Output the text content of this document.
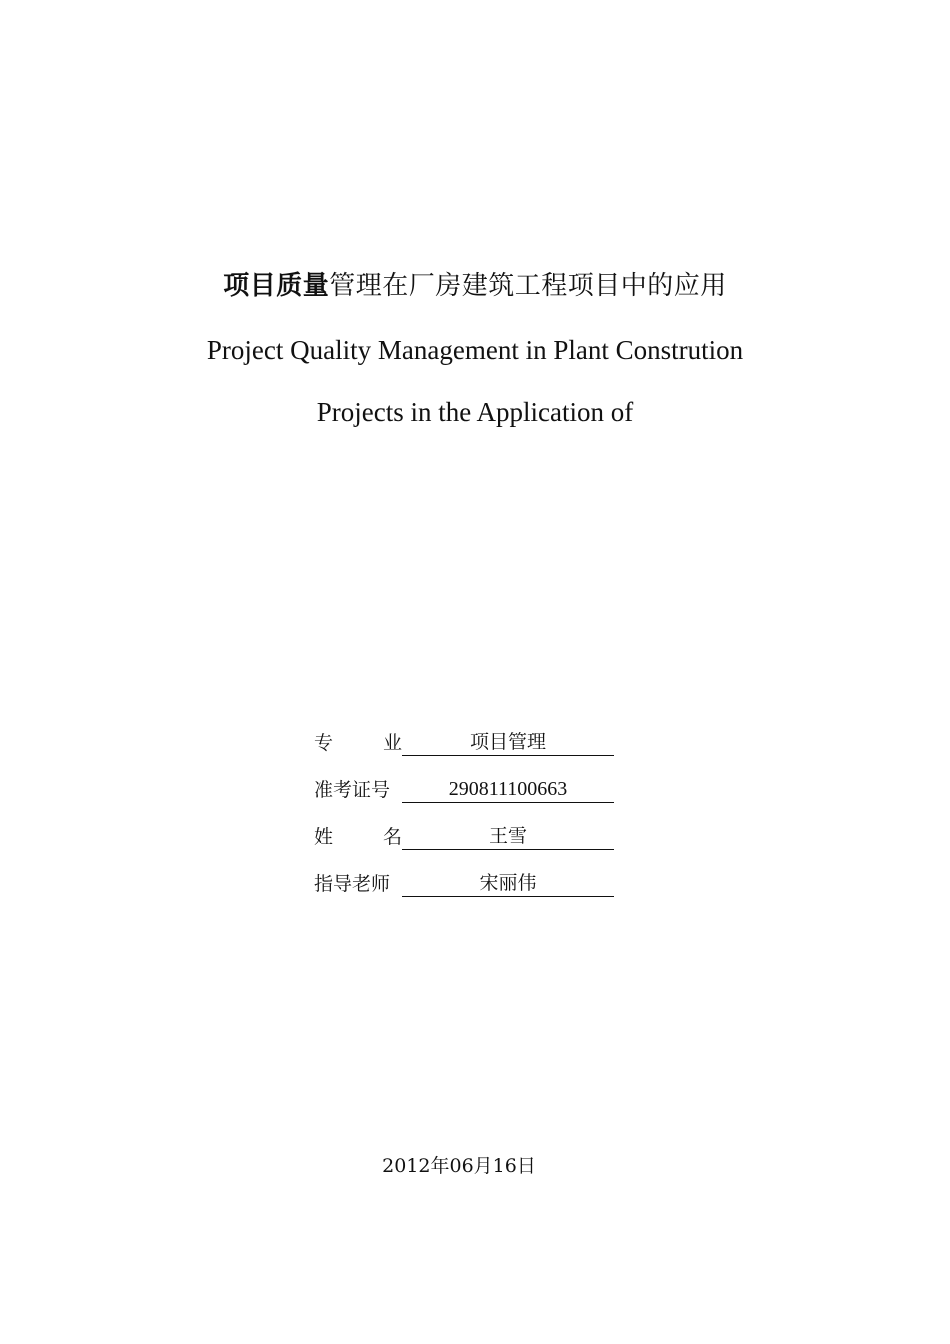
项目质量管理在厂房建筑工程项目中的应用
Project Quality Management in Plant Constrution
Projects in the Application of
专	业	项目管理
准考证号	290811100663
姓	名	王雪
指导老师	宋丽伟
2012年06月16日
